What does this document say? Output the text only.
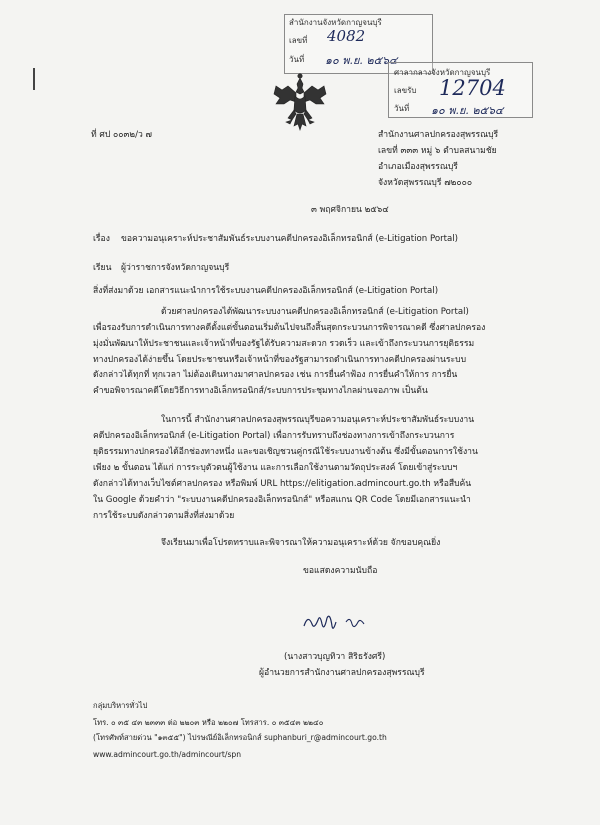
สำนักงานจังหวัดกาญจนบุรี
เลขที่ 4082
วันที่ ๑๐ พ.ย. ๒๕๖๔
ศาลากลางจังหวัดกาญจนบุรี
เลขรับ 12704
วันที่ ๑๐ พ.ย. ๒๕๖๔
ที่ ศป ๐๐๓๒/ว ๗	สำนักงานศาลปกครองสุพรรณบุรี
เลขที่ ๓๓๓ หมู่ ๖ ตำบลสนามชัย
อำเภอเมืองสุพรรณบุรี
จังหวัดสุพรรณบุรี ๗๒๐๐๐
๓ พฤศจิกายน ๒๕๖๔
เรื่อง ขอความอนุเคราะห์ประชาสัมพันธ์ระบบงานคดีปกครองอิเล็กทรอนิกส์ (e-Litigation Portal)
เรียน ผู้ว่าราชการจังหวัดกาญจนบุรี
สิ่งที่ส่งมาด้วย เอกสารแนะนำการใช้ระบบงานคดีปกครองอิเล็กทรอนิกส์ (e-Litigation Portal)
ด้วยศาลปกครองได้พัฒนาระบบงานคดีปกครองอิเล็กทรอนิกส์ (e-Litigation Portal)
เพื่อรองรับการดำเนินการทางคดีตั้งแต่ขั้นตอนเริ่มต้นไปจนถึงสิ้นสุดกระบวนการพิจารณาคดี ซึ่งศาลปกครอง
มุ่งมั่นพัฒนาให้ประชาชนและเจ้าหน้าที่ของรัฐได้รับความสะดวก รวดเร็ว และเข้าถึงกระบวนการยุติธรรม
ทางปกครองได้ง่ายขึ้น โดยประชาชนหรือเจ้าหน้าที่ของรัฐสามารถดำเนินการทางคดีปกครองผ่านระบบ
ดังกล่าวได้ทุกที่ ทุกเวลา ไม่ต้องเดินทางมาศาลปกครอง เช่น การยื่นคำฟ้อง การยื่นคำให้การ การยื่น
คำขอพิจารณาคดีโดยวิธีการทางอิเล็กทรอนิกส์/ระบบการประชุมทางไกลผ่านจอภาพ เป็นต้น
ในการนี้ สำนักงานศาลปกครองสุพรรณบุรีขอความอนุเคราะห์ประชาสัมพันธ์ระบบงาน
คดีปกครองอิเล็กทรอนิกส์ (e-Litigation Portal) เพื่อการรับทราบถึงช่องทางการเข้าถึงกระบวนการ
ยุติธรรมทางปกครองได้อีกช่องทางหนึ่ง และขอเชิญชวนคู่กรณีใช้ระบบงานข้างต้น ซึ่งมีขั้นตอนการใช้งาน
เพียง ๒ ขั้นตอน ได้แก่ การระบุตัวตนผู้ใช้งาน และการเลือกใช้งานตามวัตถุประสงค์ โดยเข้าสู่ระบบฯ
ดังกล่าวได้ทางเว็บไซต์ศาลปกครอง หรือพิมพ์ URL https://elitigation.admincourt.go.th หรือสืบค้น
ใน Google ด้วยคำว่า "ระบบงานคดีปกครองอิเล็กทรอนิกส์" หรือสแกน QR Code โดยมีเอกสารแนะนำ
การใช้ระบบดังกล่าวตามสิ่งที่ส่งมาด้วย
จึงเรียนมาเพื่อโปรดทราบและพิจารณาให้ความอนุเคราะห์ด้วย จักขอบคุณยิ่ง
ขอแสดงความนับถือ
(นางสาวบุญทิวา สิริธรังศรี)
ผู้อำนวยการสำนักงานศาลปกครองสุพรรณบุรี
กลุ่มบริหารทั่วไป
โทร. ๐ ๓๕ ๔๓ ๒๓๓๓ ต่อ ๒๒๐๓ หรือ ๒๒๐๗ โทรสาร. ๐ ๓๕๔๓ ๒๒๔๐
(โทรศัพท์สายด่วน "๑๓๕๕") ไปรษณีย์อิเล็กทรอนิกส์ suphanburi_r@admincourt.go.th
www.admincourt.go.th/admincourt/spn
